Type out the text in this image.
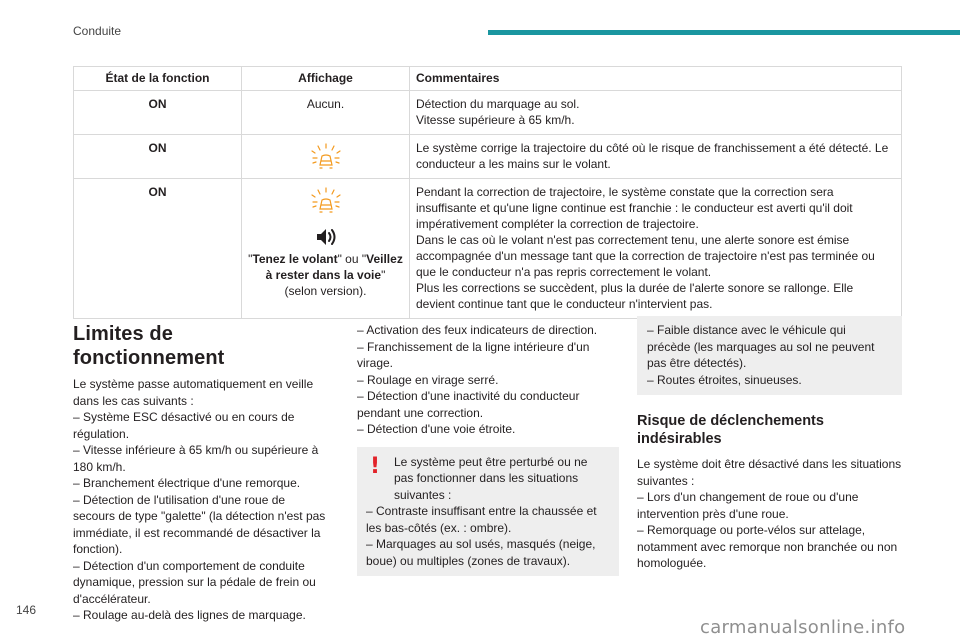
Conduite
État de la fonction	Affichage	Commentaires
ON	Aucun.	Détection du marquage au sol.
Vitesse supérieure à 65 km/h.

ON		Le système corrige la trajectoire du côté où le risque de franchissement a été détecté. Le conducteur a les mains sur le volant.

ON	"Tenez le volant" ou "Veillez à rester dans la voie" (selon version).	Pendant la correction de trajectoire, le système constate que la correction sera insuffisante et qu'une ligne continue est franchie : le conducteur est averti qu'il doit impérativement compléter la correction de trajectoire.
Dans le cas où le volant n'est pas correctement tenu, une alerte sonore est émise accompagnée d'un message tant que la correction de trajectoire n'est pas terminée ou que le conducteur n'a pas repris correctement le volant.
Plus les corrections se succèdent, plus la durée de l'alerte sonore se rallonge. Elle devient continue tant que le conducteur n'intervient pas.
Limites de fonctionnement

Le système passe automatiquement en veille dans les cas suivants :

– Système ESC désactivé ou en cours de régulation.

– Vitesse inférieure à 65 km/h ou supérieure à 180 km/h.

– Branchement électrique d'une remorque.

– Détection de l'utilisation d'une roue de secours de type "galette" (la détection n'est pas immédiate, il est recommandé de désactiver la fonction).

– Détection d'un comportement de conduite dynamique, pression sur la pédale de frein ou d'accélérateur.

– Roulage au-delà des lignes de marquage.

– Activation des feux indicateurs de direction.

– Franchissement de la ligne intérieure d'un virage.

– Roulage en virage serré.

– Détection d'une inactivité du conducteur pendant une correction.

– Détection d'une voie étroite.

!	Le système peut être perturbé ou ne pas fonctionner dans les situations suivantes :

– Contraste insuffisant entre la chaussée et les bas-côtés (ex. : ombre).

– Marquages au sol usés, masqués (neige, boue) ou multiples (zones de travaux).

– Faible distance avec le véhicule qui précède (les marquages au sol ne peuvent pas être détectés).

– Routes étroites, sinueuses.

Risque de déclenchements indésirables

Le système doit être désactivé dans les situations suivantes :

– Lors d'un changement de roue ou d'une intervention près d'une roue.

– Remorquage ou porte-vélos sur attelage, notamment avec remorque non branchée ou non homologuée.

146
carmanualsonline.info
